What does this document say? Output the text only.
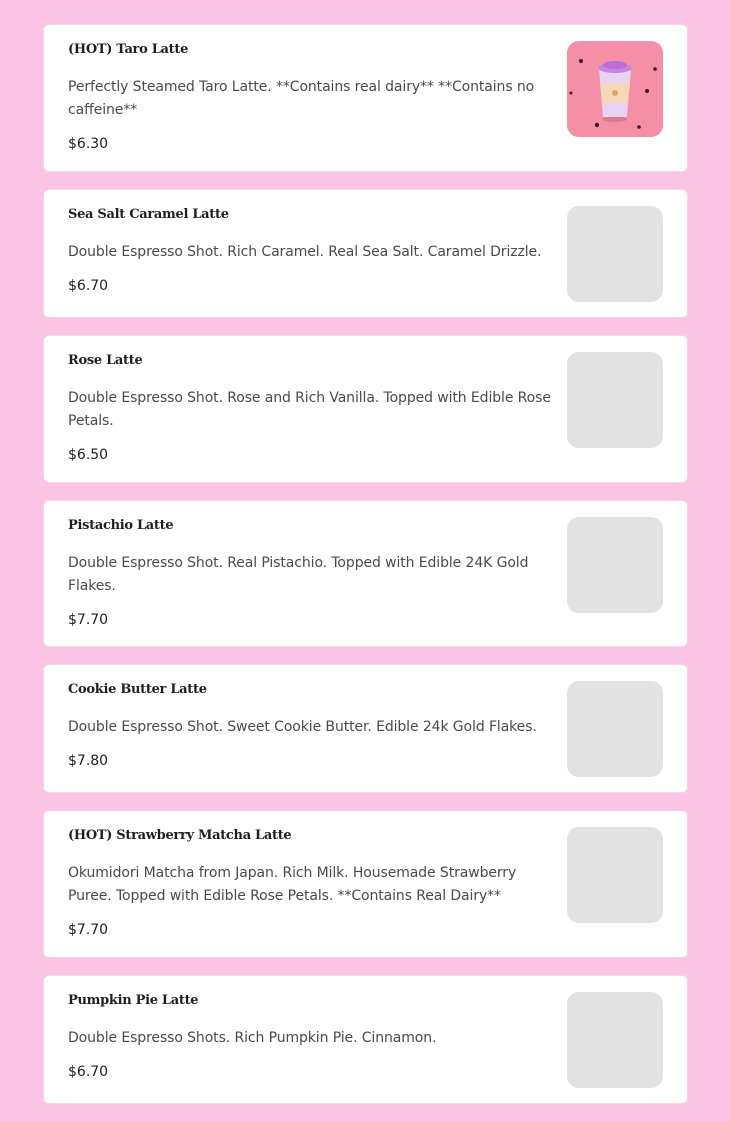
(HOT) Taro Latte
Perfectly Steamed Taro Latte. **Contains real dairy** **Contains no caffeine**
$6.30
Sea Salt Caramel Latte
Double Espresso Shot. Rich Caramel. Real Sea Salt. Caramel Drizzle.
$6.70
Rose Latte
Double Espresso Shot. Rose and Rich Vanilla. Topped with Edible Rose Petals.
$6.50
Pistachio Latte
Double Espresso Shot. Real Pistachio. Topped with Edible 24K Gold Flakes.
$7.70
Cookie Butter Latte
Double Espresso Shot. Sweet Cookie Butter. Edible 24k Gold Flakes.
$7.80
(HOT) Strawberry Matcha Latte
Okumidori Matcha from Japan. Rich Milk. Housemade Strawberry Puree. Topped with Edible Rose Petals. **Contains Real Dairy**
$7.70
Pumpkin Pie Latte
Double Espresso Shots. Rich Pumpkin Pie. Cinnamon.
$6.70
